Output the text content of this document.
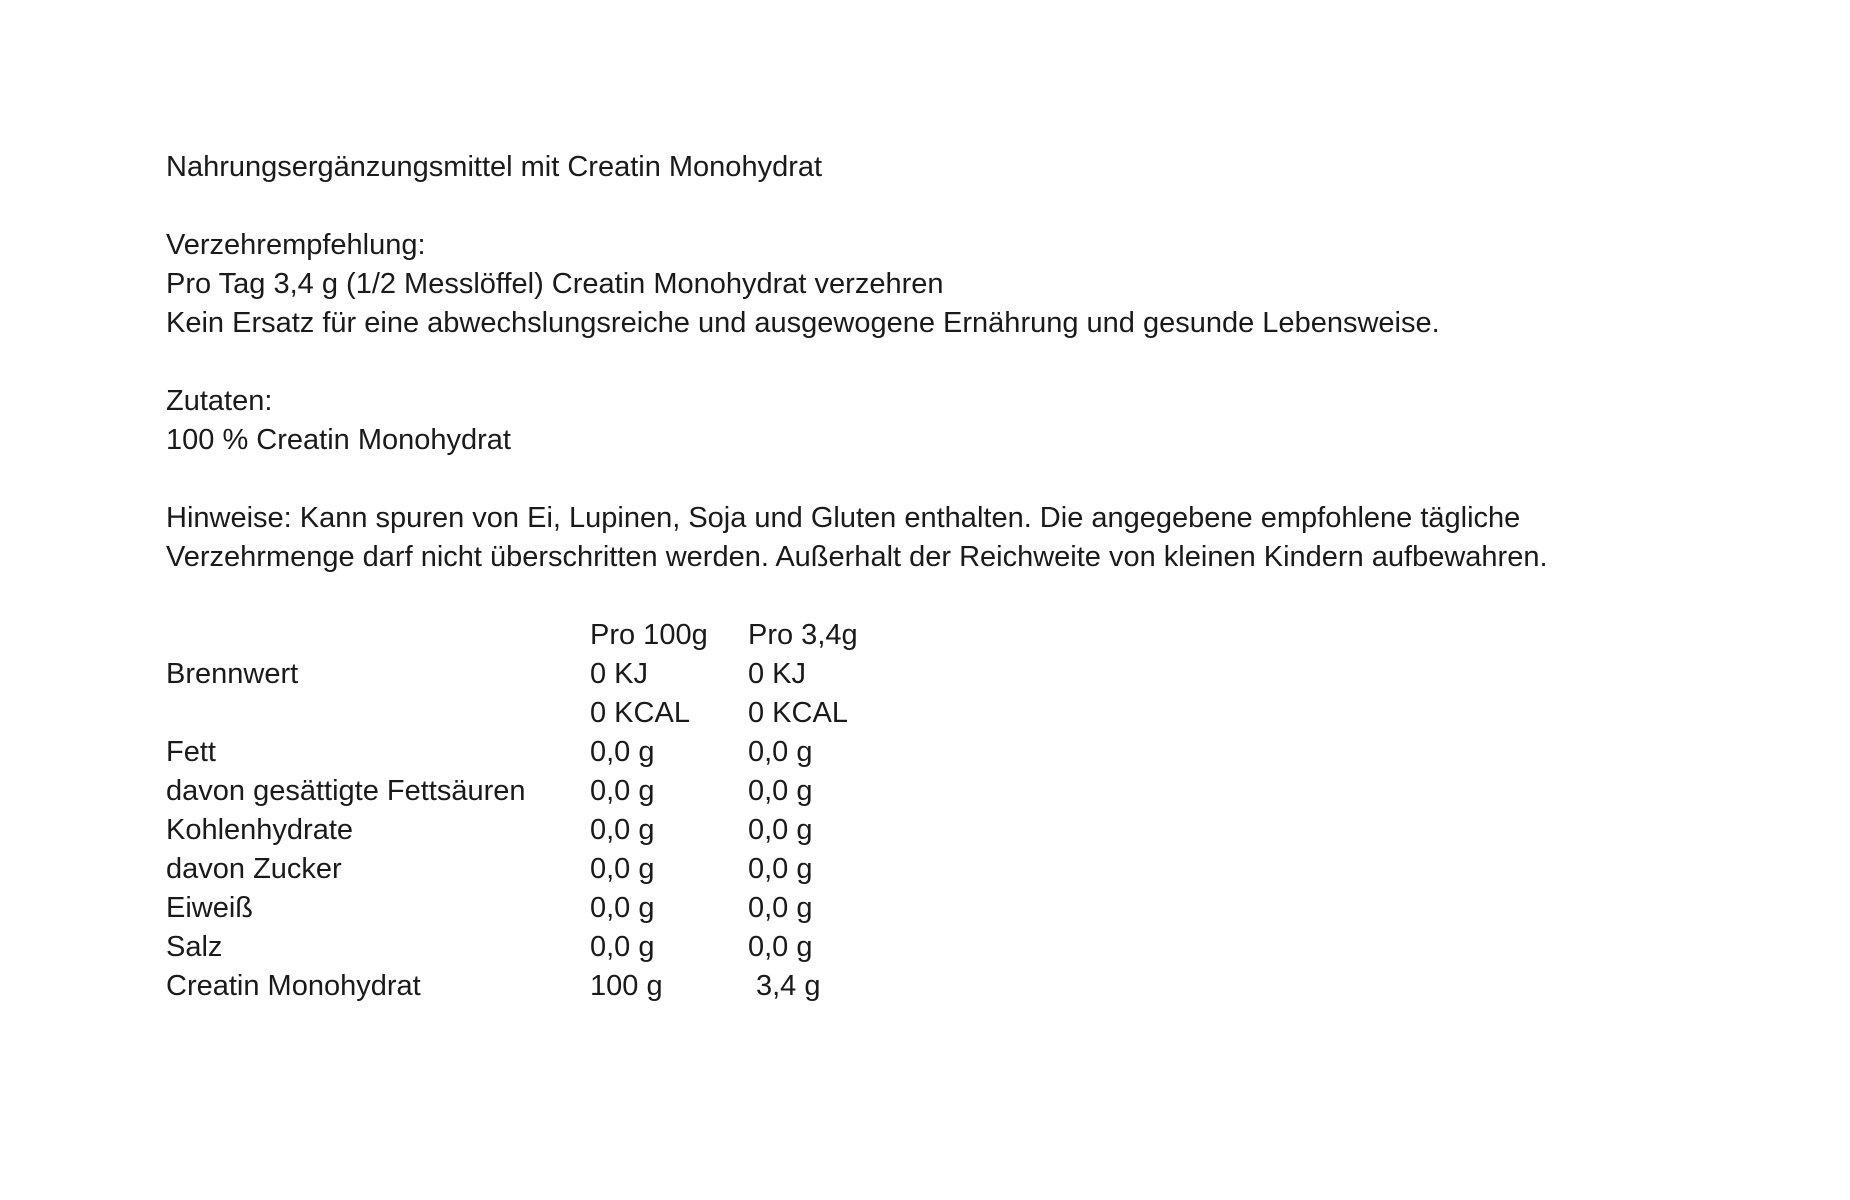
Nahrungsergänzungsmittel mit Creatin Monohydrat
Verzehrempfehlung:
Pro Tag 3,4 g (1/2 Messlöffel) Creatin Monohydrat verzehren
Kein Ersatz für eine abwechslungsreiche und ausgewogene Ernährung und gesunde Lebensweise.
Zutaten:
100 % Creatin Monohydrat
Hinweise: Kann spuren von Ei, Lupinen, Soja und Gluten enthalten. Die angegebene empfohlene tägliche
Verzehrmenge darf nicht überschritten werden. Außerhalt der Reichweite von kleinen Kindern aufbewahren.
	Pro 100g	Pro 3,4g
Brennwert	0 KJ	0 KJ
	0 KCAL	0 KCAL
Fett	0,0 g	0,0 g
davon gesättigte Fettsäuren	0,0 g	0,0 g
Kohlenhydrate	0,0 g	0,0 g
davon Zucker	0,0 g	0,0 g
Eiweiß	0,0 g	0,0 g
Salz	0,0 g	0,0 g
Creatin Monohydrat	100 g	3,4 g
